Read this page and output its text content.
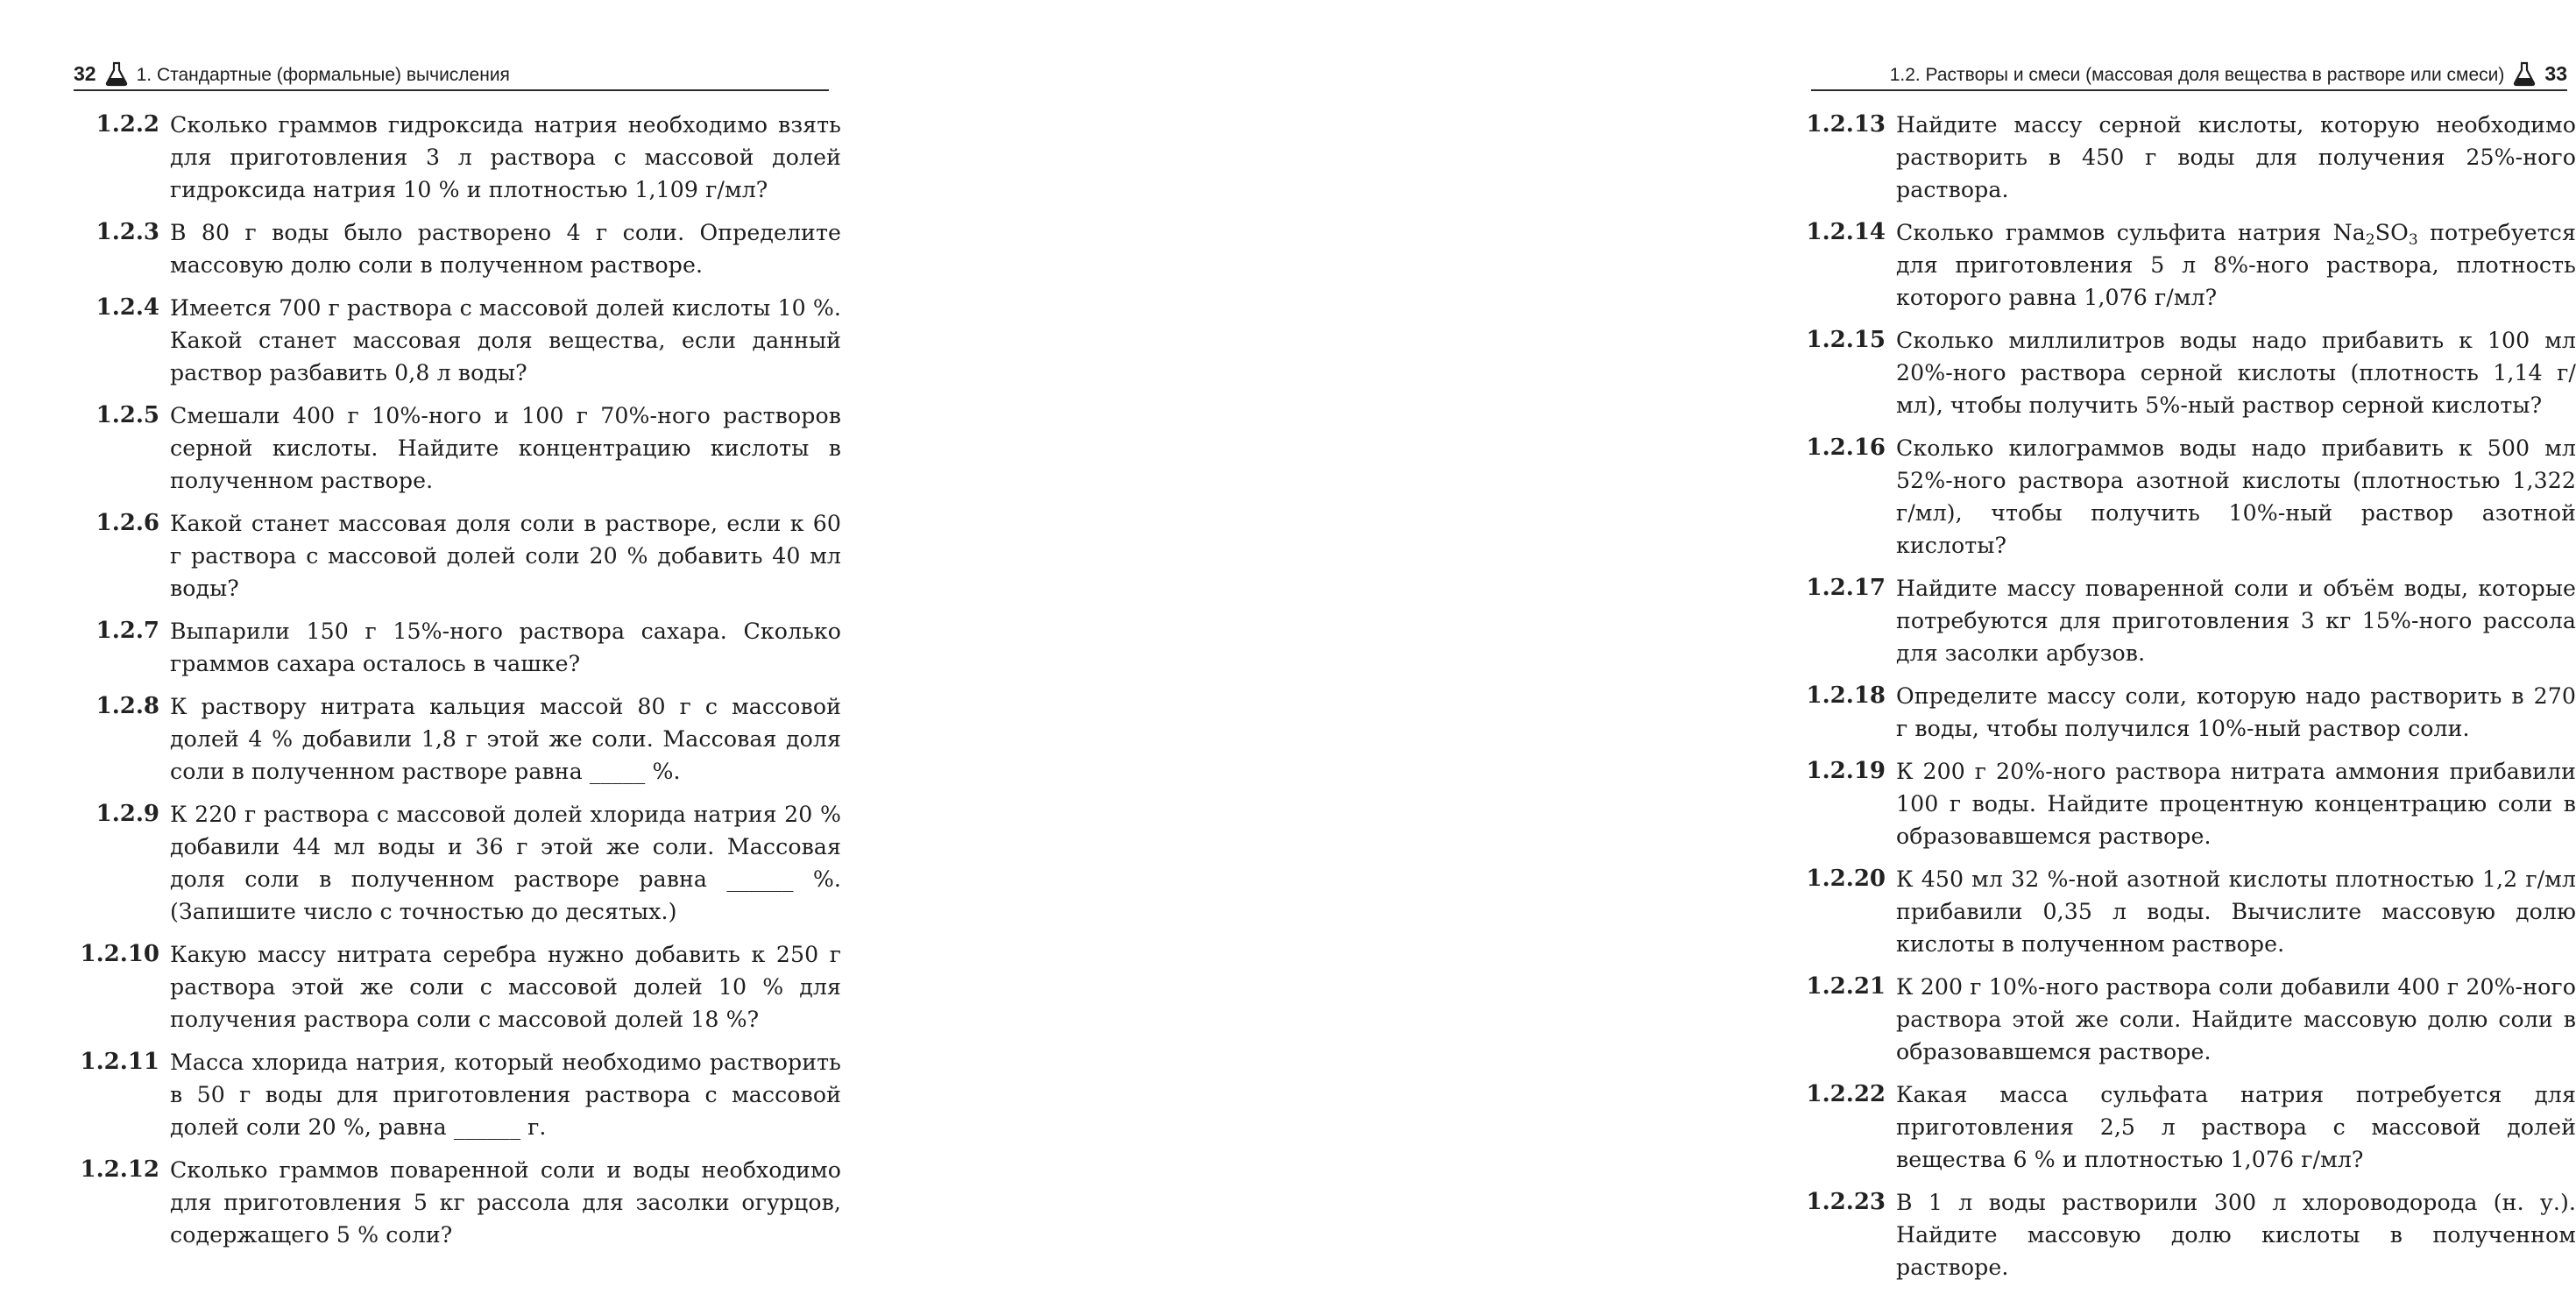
32 1. Стандартные (формальные) вычисления
1.2.2 Сколько граммов гидроксида натрия необходимо взять для приготовления 3 л раствора с массовой долей гидроксида натрия 10 % и плотностью 1,109 г/мл?
1.2.3 В 80 г воды было растворено 4 г соли. Определите массовую долю соли в полученном растворе.
1.2.4 Имеется 700 г раствора с массовой долей кислоты 10 %. Какой станет массовая доля вещества, если данный раствор разбавить 0,8 л воды?
1.2.5 Смешали 400 г 10%-ного и 100 г 70%-ного растворов серной кислоты. Найдите концентрацию кислоты в полученном растворе.
1.2.6 Какой станет массовая доля соли в растворе, если к 60 г раствора с массовой долей соли 20 % добавить 40 мл воды?
1.2.7 Выпарили 150 г 15%-ного раствора сахара. Сколько граммов сахара осталось в чашке?
1.2.8 К раствору нитрата кальция массой 80 г с массовой долей 4 % добавили 1,8 г этой же соли. Массовая доля соли в полученном растворе равна _____ %.
1.2.9 К 220 г раствора с массовой долей хлорида натрия 20 % добавили 44 мл воды и 36 г этой же соли. Массовая доля соли в полученном растворе равна ______ %. (Запишите число с точностью до десятых.)
1.2.10 Какую массу нитрата серебра нужно добавить к 250 г раствора этой же соли с массовой долей 10 % для получения раствора соли с массовой долей 18 %?
1.2.11 Масса хлорида натрия, который необходимо растворить в 50 г воды для приготовления раствора с массовой долей соли 20 %, равна ______ г.
1.2.12 Сколько граммов поваренной соли и воды необходимо для приготовления 5 кг рассола для засолки огурцов, содержащего 5 % соли?
1.2. Растворы и смеси (массовая доля вещества в растворе или смеси) 33
1.2.13 Найдите массу серной кислоты, которую необходимо растворить в 450 г воды для получения 25%-ного раствора.
1.2.14 Сколько граммов сульфита натрия $Na_2SO_3$ потребуется для приготовления 5 л 8%-ного раствора, плотность которого равна 1,076 г/мл?
1.2.15 Сколько миллилитров воды надо прибавить к 100 мл 20%-ного раствора серной кислоты (плотность 1,14 г/мл), чтобы получить 5%-ный раствор серной кислоты?
1.2.16 Сколько килограммов воды надо прибавить к 500 мл 52%-ного раствора азотной кислоты (плотностью 1,322 г/мл), чтобы получить 10%-ный раствор азотной кислоты?
1.2.17 Найдите массу поваренной соли и объём воды, которые потребуются для приготовления 3 кг 15%-ного рассола для засолки арбузов.
1.2.18 Определите массу соли, которую надо растворить в 270 г воды, чтобы получился 10%-ный раствор соли.
1.2.19 К 200 г 20%-ного раствора нитрата аммония прибавили 100 г воды. Найдите процентную концентрацию соли в образовавшемся растворе.
1.2.20 К 450 мл 32 %-ной азотной кислоты плотностью 1,2 г/мл прибавили 0,35 л воды. Вычислите массовую долю кислоты в полученном растворе.
1.2.21 К 200 г 10%-ного раствора соли добавили 400 г 20%-ного раствора этой же соли. Найдите массовую долю соли в образовавшемся растворе.
1.2.22 Какая масса сульфата натрия потребуется для приготовления 2,5 л раствора с массовой долей вещества 6 % и плотностью 1,076 г/мл?
1.2.23 В 1 л воды растворили 300 л хлороводорода (н. у.). Найдите массовую долю кислоты в полученном растворе.
